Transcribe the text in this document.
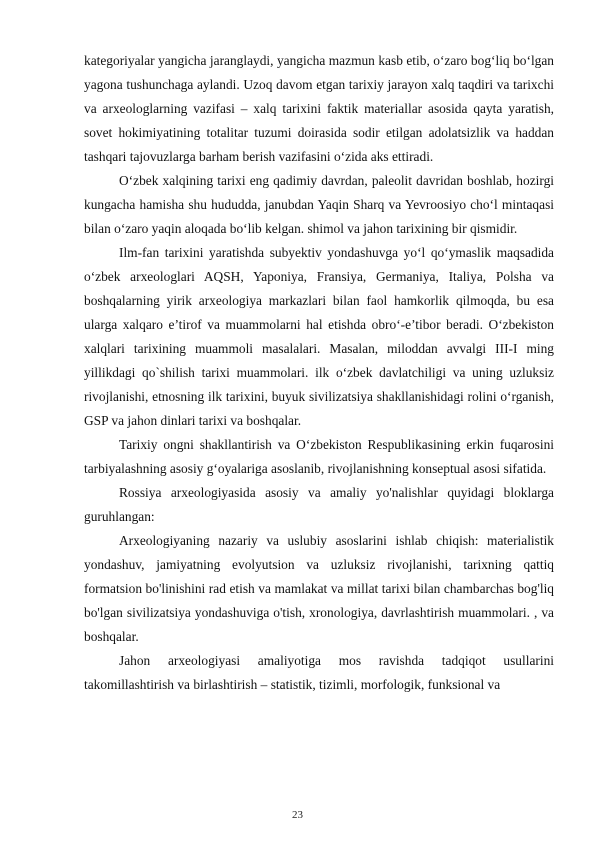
kategoriyalar yangicha jaranglaydi, yangicha mazmun kasb etib, o‘zaro bog‘liq bo‘lgan yagona tushunchaga aylandi. Uzoq davom etgan tarixiy jarayon xalq taqdiri va tarixchi va arxeologlarning vazifasi – xalq tarixini faktik materiallar asosida qayta yaratish, sovet hokimiyatining totalitar tuzumi doirasida sodir etilgan adolatsizlik va haddan tashqari tajovuzlarga barham berish vazifasini o‘zida aks ettiradi.

O‘zbek xalqining tarixi eng qadimiy davrdan, paleolit davridan boshlab, hozirgi kungacha hamisha shu hududda, janubdan Yaqin Sharq va Yevroosiyo cho‘l mintaqasi bilan o‘zaro yaqin aloqada bo‘lib kelgan. shimol va jahon tarixining bir qismidir.

Ilm-fan tarixini yaratishda subyektiv yondashuvga yo‘l qo‘ymaslik maqsadida o‘zbek arxeologlari AQSH, Yaponiya, Fransiya, Germaniya, Italiya, Polsha va boshqalarning yirik arxeologiya markazlari bilan faol hamkorlik qilmoqda, bu esa ularga xalqaro e’tirof va muammolarni hal etishda obro‘-e’tibor beradi. O‘zbekiston xalqlari tarixining muammoli masalalari. Masalan, miloddan avvalgi III-I ming yillikdagi qo`shilish tarixi muammolari. ilk o‘zbek davlatchiligi va uning uzluksiz rivojlanishi, etnosning ilk tarixini, buyuk sivilizatsiya shakllanishidagi rolini o‘rganish, GSP va jahon dinlari tarixi va boshqalar.

Tarixiy ongni shakllantirish va O‘zbekiston Respublikasining erkin fuqarosini tarbiyalashning asosiy g‘oyalariga asoslanib, rivojlanishning konseptual asosi sifatida.

Rossiya arxeologiyasida asosiy va amaliy yo'nalishlar quyidagi bloklarga guruhlangan:

Arxeologiyaning nazariy va uslubiy asoslarini ishlab chiqish: materialistik yondashuv, jamiyatning evolyutsion va uzluksiz rivojlanishi, tarixning qattiq formatsion bo'linishini rad etish va mamlakat va millat tarixi bilan chambarchas bog'liq bo'lgan sivilizatsiya yondashuviga o'tish, xronologiya, davrlashtirish muammolari. , va boshqalar.

Jahon arxeologiyasi amaliyotiga mos ravishda tadqiqot usullarini takomillashtirish va birlashtirish – statistik, tizimli, morfologik, funksional va

23
